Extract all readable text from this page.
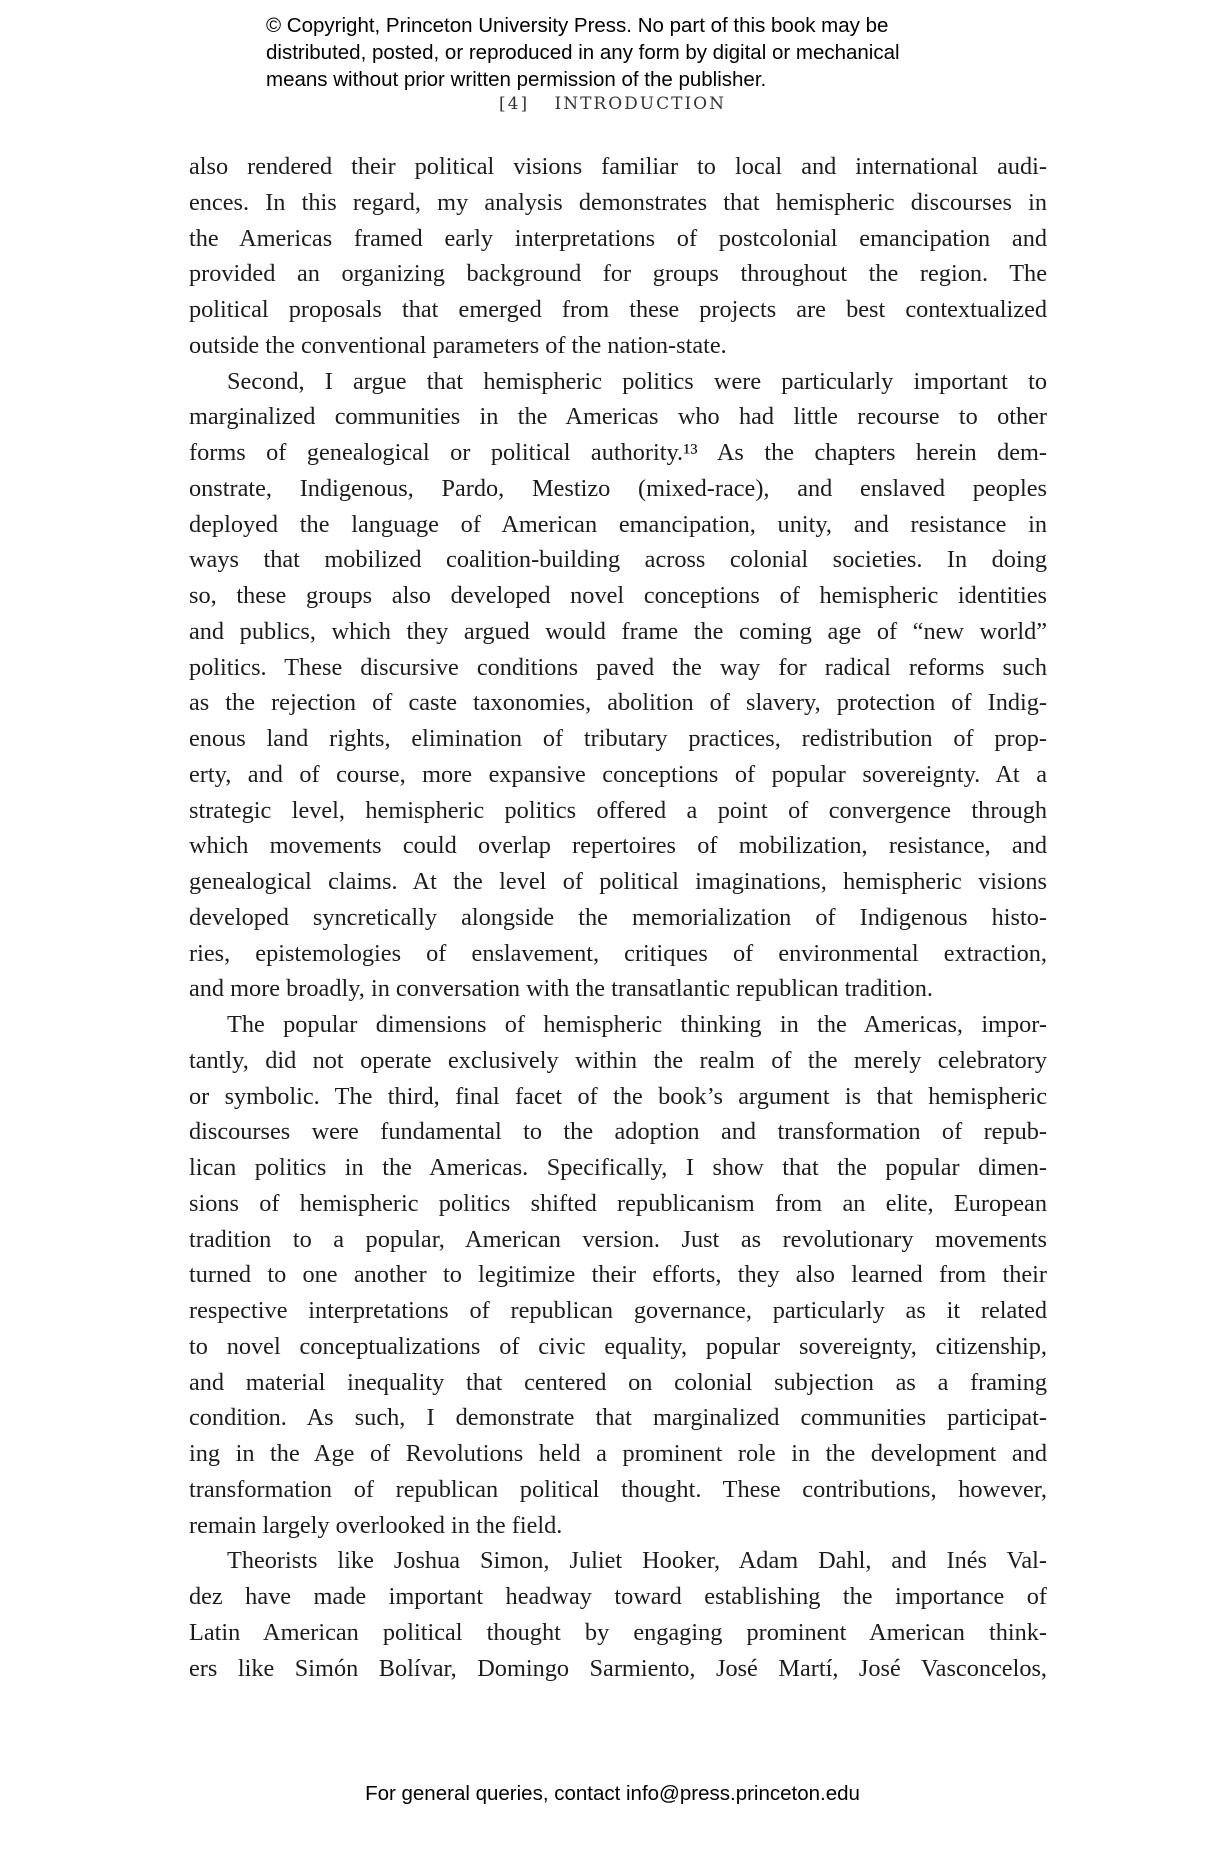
© Copyright, Princeton University Press. No part of this book may be
distributed, posted, or reproduced in any form by digital or mechanical
means without prior written permission of the publisher.
[4] INTRODUCTION
also rendered their political visions familiar to local and international audi-
ences. In this regard, my analysis demonstrates that hemispheric discourses in
the Americas framed early interpretations of postcolonial emancipation and
provided an organizing background for groups throughout the region. The
political proposals that emerged from these projects are best contextualized
outside the conventional parameters of the nation-state.
Second, I argue that hemispheric politics were particularly important to
marginalized communities in the Americas who had little recourse to other
forms of genealogical or political authority.¹³ As the chapters herein dem-
onstrate, Indigenous, Pardo, Mestizo (mixed-race), and enslaved peoples
deployed the language of American emancipation, unity, and resistance in
ways that mobilized coalition-building across colonial societies. In doing
so, these groups also developed novel conceptions of hemispheric identities
and publics, which they argued would frame the coming age of “new world”
politics. These discursive conditions paved the way for radical reforms such
as the rejection of caste taxonomies, abolition of slavery, protection of Indig-
enous land rights, elimination of tributary practices, redistribution of prop-
erty, and of course, more expansive conceptions of popular sovereignty. At a
strategic level, hemispheric politics offered a point of convergence through
which movements could overlap repertoires of mobilization, resistance, and
genealogical claims. At the level of political imaginations, hemispheric visions
developed syncretically alongside the memorialization of Indigenous histo-
ries, epistemologies of enslavement, critiques of environmental extraction,
and more broadly, in conversation with the transatlantic republican tradition.
The popular dimensions of hemispheric thinking in the Americas, impor-
tantly, did not operate exclusively within the realm of the merely celebratory
or symbolic. The third, final facet of the book’s argument is that hemispheric
discourses were fundamental to the adoption and transformation of repub-
lican politics in the Americas. Specifically, I show that the popular dimen-
sions of hemispheric politics shifted republicanism from an elite, European
tradition to a popular, American version. Just as revolutionary movements
turned to one another to legitimize their efforts, they also learned from their
respective interpretations of republican governance, particularly as it related
to novel conceptualizations of civic equality, popular sovereignty, citizenship,
and material inequality that centered on colonial subjection as a framing
condition. As such, I demonstrate that marginalized communities participat-
ing in the Age of Revolutions held a prominent role in the development and
transformation of republican political thought. These contributions, however,
remain largely overlooked in the field.
Theorists like Joshua Simon, Juliet Hooker, Adam Dahl, and Inés Val-
dez have made important headway toward establishing the importance of
Latin American political thought by engaging prominent American think-
ers like Simón Bolívar, Domingo Sarmiento, José Martí, José Vasconcelos,
For general queries, contact info@press.princeton.edu
